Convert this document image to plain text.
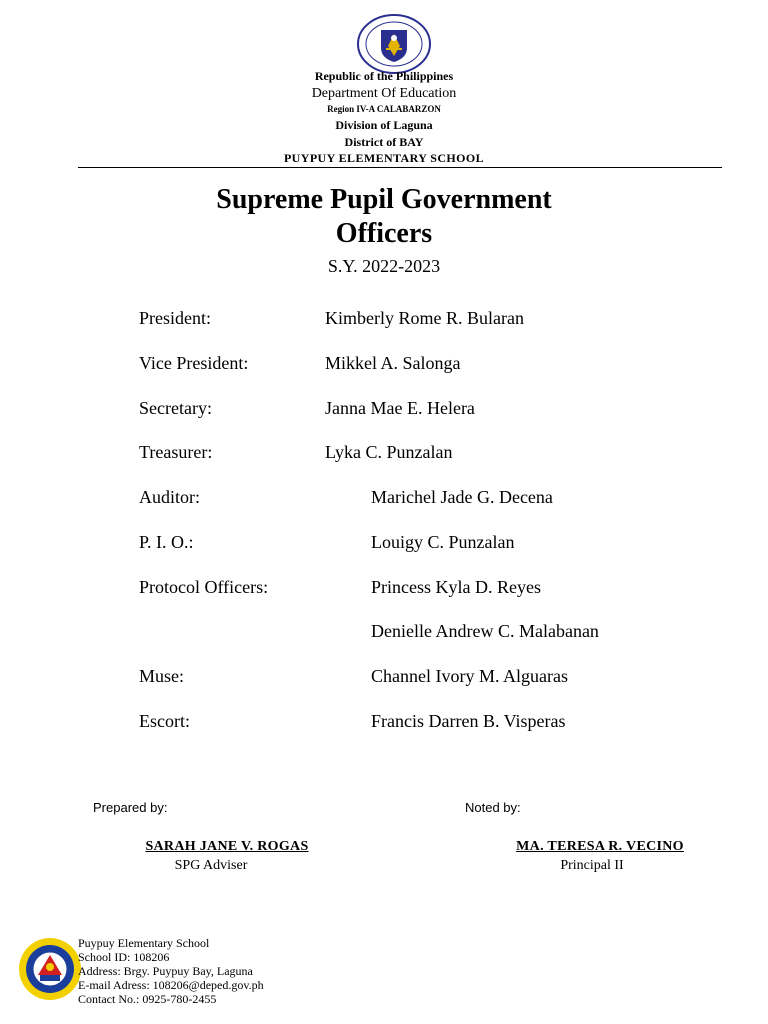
Republic of the Philippines
Department Of Education
Region IV-A CALABARZON
Division of Laguna
District of BAY
PUYPUY ELEMENTARY SCHOOL
Supreme Pupil Government
Officers
S.Y. 2022-2023
President:	Kimberly Rome R. Bularan
Vice President:	Mikkel A. Salonga
Secretary:	Janna Mae E. Helera
Treasurer:	Lyka C. Punzalan
Auditor:	Marichel Jade G. Decena
P. I. O.:	Louigy C. Punzalan
Protocol Officers:	Princess Kyla D. Reyes
Denielle Andrew C. Malabanan
Muse:	Channel Ivory M. Alguaras
Escort:	Francis Darren B. Visperas
Prepared by:	Noted by:
SARAH JANE V. ROGAS
SPG Adviser
MA. TERESA R. VECINO
Principal II
Puypuy Elementary School
School ID: 108206
Address: Brgy. Puypuy Bay, Laguna
E-mail Adress: 108206@deped.gov.ph
Contact No.: 0925-780-2455
